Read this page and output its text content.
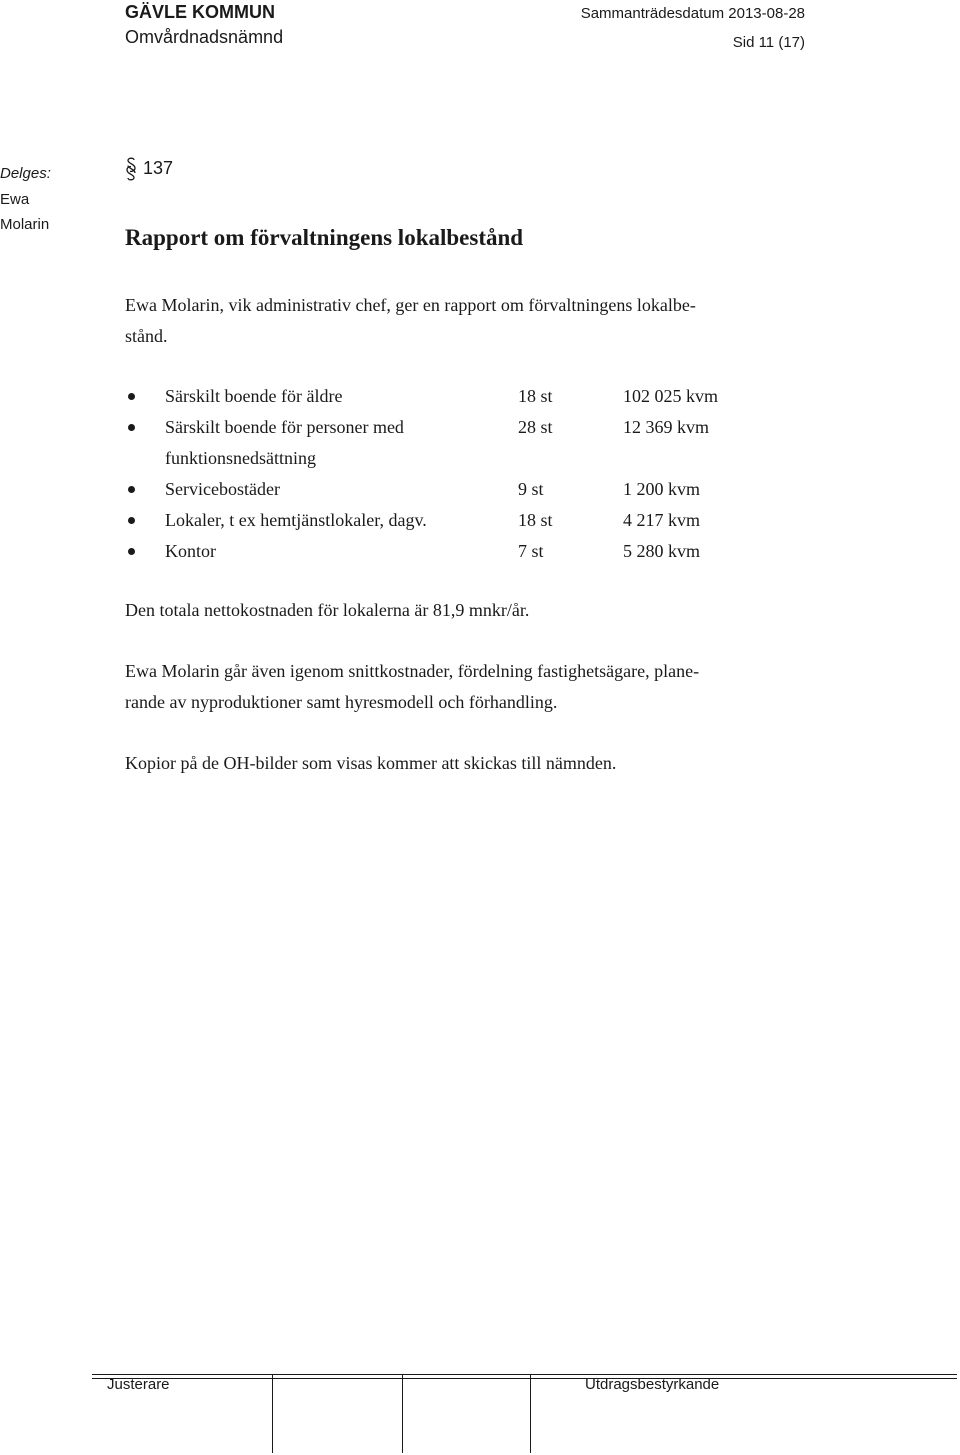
GÄVLE KOMMUN
Omvårdnadsnämnd
Sammanträdesdatum 2013-08-28
Sid 11 (17)
Delges:
Ewa
Molarin
137
Rapport om förvaltningens lokalbestånd
Ewa Molarin, vik administrativ chef, ger en rapport om förvaltningens lokalbe-
stånd.
Särskilt boende för äldre	18 st	102 025 kvm
Särskilt boende för personer med	28 st	12 369 kvm
funktionsnedsättning
Servicebostäder	9 st	1 200 kvm
Lokaler, t ex hemtjänstlokaler, dagv.	18 st	4 217 kvm
Kontor	7 st	5 280 kvm
Den totala nettokostnaden för lokalerna är 81,9 mnkr/år.
Ewa Molarin går även igenom snittkostnader, fördelning fastighetsägare, plane-
rande av nyproduktioner samt hyresmodell och förhandling.
Kopior på de OH-bilder som visas kommer att skickas till nämnden.
Justerare	Utdragsbestyrkande
